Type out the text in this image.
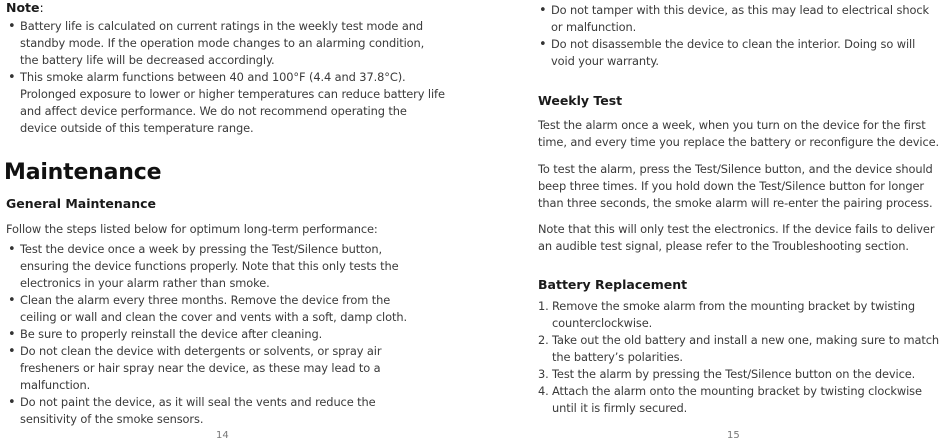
Note:
• Battery life is calculated on current ratings in the weekly test mode and standby mode. If the operation mode changes to an alarming condition, the battery life will be decreased accordingly.
• This smoke alarm functions between 40 and 100°F (4.4 and 37.8°C). Prolonged exposure to lower or higher temperatures can reduce battery life and affect device performance. We do not recommend operating the device outside of this temperature range.
Maintenance
General Maintenance
Follow the steps listed below for optimum long-term performance:
• Test the device once a week by pressing the Test/Silence button, ensuring the device functions properly. Note that this only tests the electronics in your alarm rather than smoke.
• Clean the alarm every three months. Remove the device from the ceiling or wall and clean the cover and vents with a soft, damp cloth.
• Be sure to properly reinstall the device after cleaning.
• Do not clean the device with detergents or solvents, or spray air fresheners or hair spray near the device, as these may lead to a malfunction.
• Do not paint the device, as it will seal the vents and reduce the sensitivity of the smoke sensors.
14
• Do not tamper with this device, as this may lead to electrical shock or malfunction.
• Do not disassemble the device to clean the interior. Doing so will void your warranty.
Weekly Test
Test the alarm once a week, when you turn on the device for the first time, and every time you replace the battery or reconfigure the device.
To test the alarm, press the Test/Silence button, and the device should beep three times. If you hold down the Test/Silence button for longer than three seconds, the smoke alarm will re-enter the pairing process.
Note that this will only test the electronics. If the device fails to deliver an audible test signal, please refer to the Troubleshooting section.
Battery Replacement
1. Remove the smoke alarm from the mounting bracket by twisting counterclockwise.
2. Take out the old battery and install a new one, making sure to match the battery’s polarities.
3. Test the alarm by pressing the Test/Silence button on the device.
4. Attach the alarm onto the mounting bracket by twisting clockwise until it is firmly secured.
15
